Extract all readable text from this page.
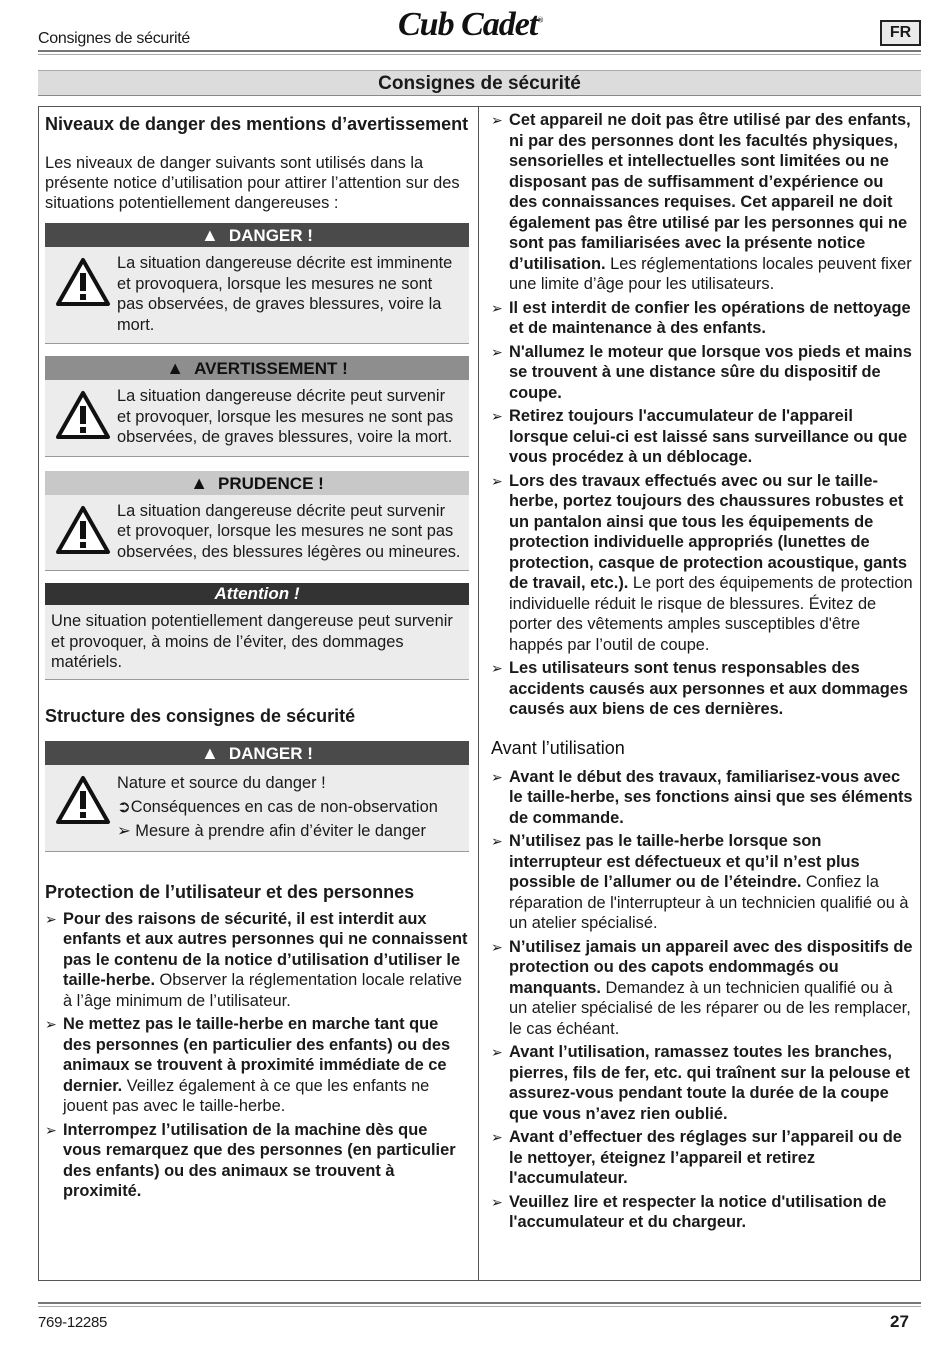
Consignes de sécurité	Cub Cadet®
FR
Consignes de sécurité
Niveaux de danger des mentions d’avertissement

Les niveaux de danger suivants sont utilisés dans la présente notice d’utilisation pour attirer l’attention sur des situations potentiellement dangereuses :

▲ DANGER !
La situation dangereuse décrite est imminente et provoquera, lorsque les mesures ne sont pas observées, de graves blessures, voire la mort.
▲ AVERTISSEMENT !
La situation dangereuse décrite peut survenir et provoquer, lorsque les mesures ne sont pas observées, de graves blessures, voire la mort.
▲ PRUDENCE !
La situation dangereuse décrite peut survenir et provoquer, lorsque les mesures ne sont pas observées, des blessures légères ou mineures.
Attention !
Une situation potentiellement dangereuse peut survenir et provoquer, à moins de l’éviter, des dommages matériels.
Structure des consignes de sécurité
▲ DANGER !
Nature et source du danger !
➲Conséquences en cas de non-observation
➢ Mesure à prendre afin d’éviter le danger
Protection de l’utilisateur et des personnes
➢ Pour des raisons de sécurité, il est interdit aux enfants et aux autres personnes qui ne connaissent pas le contenu de la notice d’utilisation d’utiliser le taille-herbe. Observer la réglementation locale relative à l’âge minimum de l’utilisateur.
➢ Ne mettez pas le taille-herbe en marche tant que des personnes (en particulier des enfants) ou des animaux se trouvent à proximité immédiate de ce dernier. Veillez également à ce que les enfants ne jouent pas avec le taille-herbe.
➢ Interrompez l’utilisation de la machine dès que vous remarquez que des personnes (en particulier des enfants) ou des animaux se trouvent à proximité.
➢ Cet appareil ne doit pas être utilisé par des enfants, ni par des personnes dont les facultés physiques, sensorielles et intellectuelles sont limitées ou ne disposant pas de suffisamment d’expérience ou des connaissances requises. Cet appareil ne doit également pas être utilisé par les personnes qui ne sont pas familiarisées avec la présente notice d’utilisation. Les réglementations locales peuvent fixer une limite d’âge pour les utilisateurs.
➢ Il est interdit de confier les opérations de nettoyage et de maintenance à des enfants.
➢ N'allumez le moteur que lorsque vos pieds et mains se trouvent à une distance sûre du dispositif de coupe.
➢ Retirez toujours l'accumulateur de l'appareil lorsque celui-ci est laissé sans surveillance ou que vous procédez à un déblocage.
➢ Lors des travaux effectués avec ou sur le taille-herbe, portez toujours des chaussures robustes et un pantalon ainsi que tous les équipements de protection individuelle appropriés (lunettes de protection, casque de protection acoustique, gants de travail, etc.). Le port des équipements de protection individuelle réduit le risque de blessures. Évitez de porter des vêtements amples susceptibles d'être happés par l’outil de coupe.
➢ Les utilisateurs sont tenus responsables des accidents causés aux personnes et aux dommages causés aux biens de ces dernières.
Avant l’utilisation
➢ Avant le début des travaux, familiarisez-vous avec le taille-herbe, ses fonctions ainsi que ses éléments de commande.
➢ N’utilisez pas le taille-herbe lorsque son interrupteur est défectueux et qu’il n’est plus possible de l’allumer ou de l’éteindre. Confiez la réparation de l'interrupteur à un technicien qualifié ou à un atelier spécialisé.
➢ N’utilisez jamais un appareil avec des dispositifs de protection ou des capots endommagés ou manquants. Demandez à un technicien qualifié ou à un atelier spécialisé de les réparer ou de les remplacer, le cas échéant.
➢ Avant l’utilisation, ramassez toutes les branches, pierres, fils de fer, etc. qui traînent sur la pelouse et assurez-vous pendant toute la durée de la coupe que vous n’avez rien oublié.
➢ Avant d’effectuer des réglages sur l’appareil ou de le nettoyer, éteignez l’appareil et retirez l'accumulateur.
➢ Veuillez lire et respecter la notice d'utilisation de l'accumulateur et du chargeur.
769-12285	27
